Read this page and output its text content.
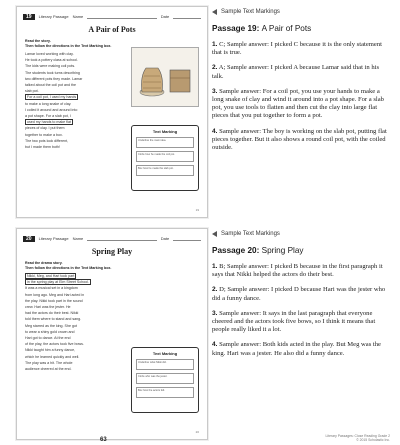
19	Literary Passage Name	Date
A Pair of Pots
Read the story.
Then follow the directions in the Text Marking box.
Lamar loved working with clay.
He took a pottery class at school.
The kids were making coil pots.
The students took turns describing
two different pots they made. Lamar
talked about the coil pot and the
slab pot.
For a coil pot, I used my hands
to make a long snake of clay.
I coiled it around and around into
a pot shape. For a slab pot, I
used my hands to make flat
pieces of clay. I put them
together to make a box.
The two pots look different,
but I made them both!
Text Marking
Underline the main idea.
Circle how he made the coil pot.
Box how he made the slab pot.
19
20	Literary Passage Name	Date
Spring Play
Read the drama story.
Then follow the directions in the Text Marking box.
Nikki, Meg, and Hari took part
in the spring play at Elm Street School.
It was a musical set in a kingdom
from long ago. Meg and Hari acted in
the play. Nikki took part in the sound
crew. Hari was the jester. He
had the actors do their best. Nikki
told them where to stand and sang.
Meg starred as the king. She got
to wear a shiny gold crown and
Hari got to dance. At the end
of the play, the actors took five bows.
Nikki taught him a funny dance,
which he learned quickly and well.
The play was a hit. The whole
audience cheered at the end.
Text Marking
Underline what Nikki did.
Circle who was the jester.
Box how the actors felt.
20
Sample Text Markings
Sample Text Markings
Passage 19: A Pair of Pots

1. C; Sample answer: I picked C because it is the only statement that is true.

2. A; Sample answer: I picked A because Lamar said that in his talk.

3. Sample answer: For a coil pot, you use your hands to make a long snake of clay and wind it around into a pot shape. For a slab pot, you use tools to flatten and then cut the clay into large flat pieces that you put together to form a pot.

4. Sample answer: The boy is working on the slab pot, putting flat pieces together. But it also shows a round coil pot, with the coiled outside.

Passage 20: Spring Play

1. B; Sample answer: I picked B because in the first paragraph it says that Nikki helped the actors do their best.

2. D; Sample answer: I picked D because Hari was the jester who did a funny dance.

3. Sample answer: It says in the last paragraph that everyone cheered and the actors took five bows, so I think it means that people really liked it a lot.

4. Sample answer: Both kids acted in the play. But Meg was the king. Hari was a jester. He also did a funny dance.

63
Literary Passages: Close Reading Grade 2
© 2015 Scholastic Inc.
